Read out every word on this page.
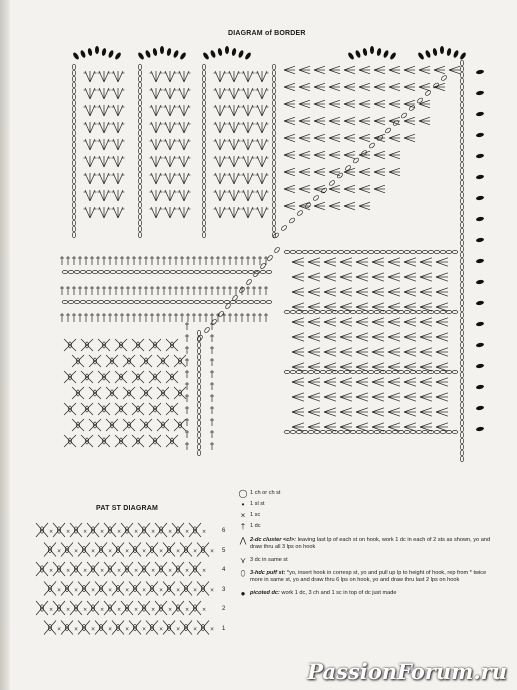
DIAGRAM of BORDER
PAT ST DIAGRAM
×	×	×	×	×	×	×	×	×	×
×	×	×	×	×	×	×	×	×	×
×	×	×	×	×	×	×	×	×	×
×	×	×	×	×	×	×	×	×	×
×	×	×	×	×	×	×	×	×	×
×	×	×	×	×	×	×	×	×	×
6
5
4
3
2
1
◯ 1 ch or ch st
• 1 sl st
× 1 sc
† 1 dc
⋀ 2-dc cluster <cl>: leaving last lp of each st on hook, work 1 dc in each of 2 sts as shown, yo and draw thru all 3 lps on hook
⋎ 3 dc in same st
⬯ 3-hdc puff st: *yo, insert hook in corresp st, yo and pull up lp to height of hook, rep from * twice more in same st, yo and draw thru 6 lps on hook, yo and draw thru last 2 lps on hook
● picoted dc: work 1 dc, 3 ch and 1 sc in top of dc just made
PassionForum.ru
